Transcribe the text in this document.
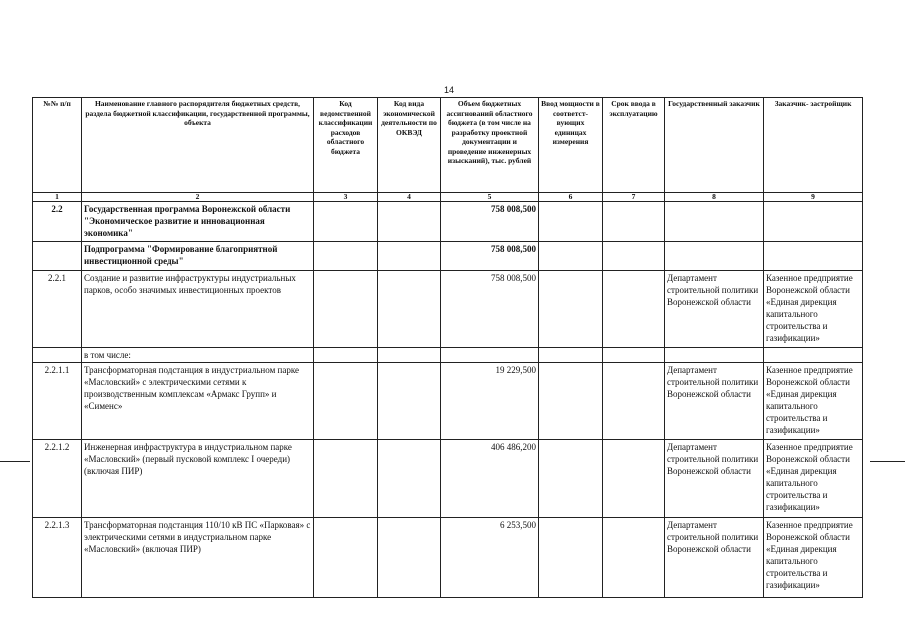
14
№№ п/п	Наименование главного распорядителя бюджетных средств, раздела бюджетной классификации, государственной программы, объекта	Код ведомственной классификации расходов областного бюджета	Код вида экономической деятельности по ОКВЭД	Объем бюджетных ассигнований областного бюджета (в том числе на разработку проектной документации и проведение инженерных изысканий), тыс. рублей	Ввод мощности в соответст- вующих единицах измерения	Срок ввода в эксплуатацию	Государственный заказчик	Заказчик- застройщик
1	2	3	4	5	6	7	8	9
2.2	Государственная программа Воронежской области "Экономическое развитие и инновационная экономика"			758 008,500				
	Подпрограмма "Формирование благоприятной инвестиционной среды"			758 008,500				
2.2.1	Создание и развитие инфраструктуры индустриальных парков, особо значимых инвестиционных проектов			758 008,500			Департамент строительной политики Воронежской области	Казенное предприятие Воронежской области «Единая дирекция капитального строительства и газификации»
	в том числе:							
2.2.1.1	Трансформаторная подстанция в индустриальном парке «Масловский» с электрическими сетями к производственным комплексам «Армакс Групп» и «Сименс»			19 229,500			Департамент строительной политики Воронежской области	Казенное предприятие Воронежской области «Единая дирекция капитального строительства и газификации»
2.2.1.2	Инженерная инфраструктура в индустриальном парке «Масловский» (первый пусковой комплекс I очереди) (включая ПИР)			406 486,200			Департамент строительной политики Воронежской области	Казенное предприятие Воронежской области «Единая дирекция капитального строительства и газификации»
2.2.1.3	Трансформаторная подстанция 110/10 кВ ПС «Парковая» с электрическими сетями в индустриальном парке «Масловский» (включая ПИР)			6 253,500			Департамент строительной политики Воронежской области	Казенное предприятие Воронежской области «Единая дирекция капитального строительства и газификации»
